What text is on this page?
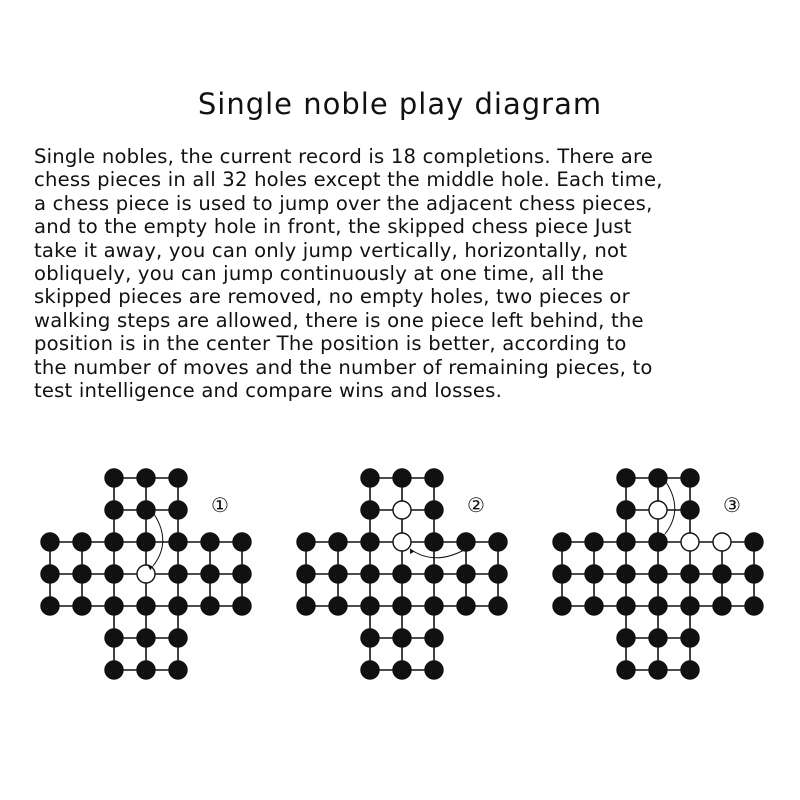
Single noble play diagram

Single nobles, the current record is 18 completions. There are
chess pieces in all 32 holes except the middle hole. Each time,
a chess piece is used to jump over the adjacent chess pieces,
and to the empty hole in front, the skipped chess piece Just
take it away, you can only jump vertically, horizontally, not
obliquely, you can jump continuously at one time, all the
skipped pieces are removed, no empty holes, two pieces or
walking steps are allowed, there is one piece left behind, the
position is in the center The position is better, according to
the number of moves and the number of remaining pieces, to
test intelligence and compare wins and losses.

①	②	③
